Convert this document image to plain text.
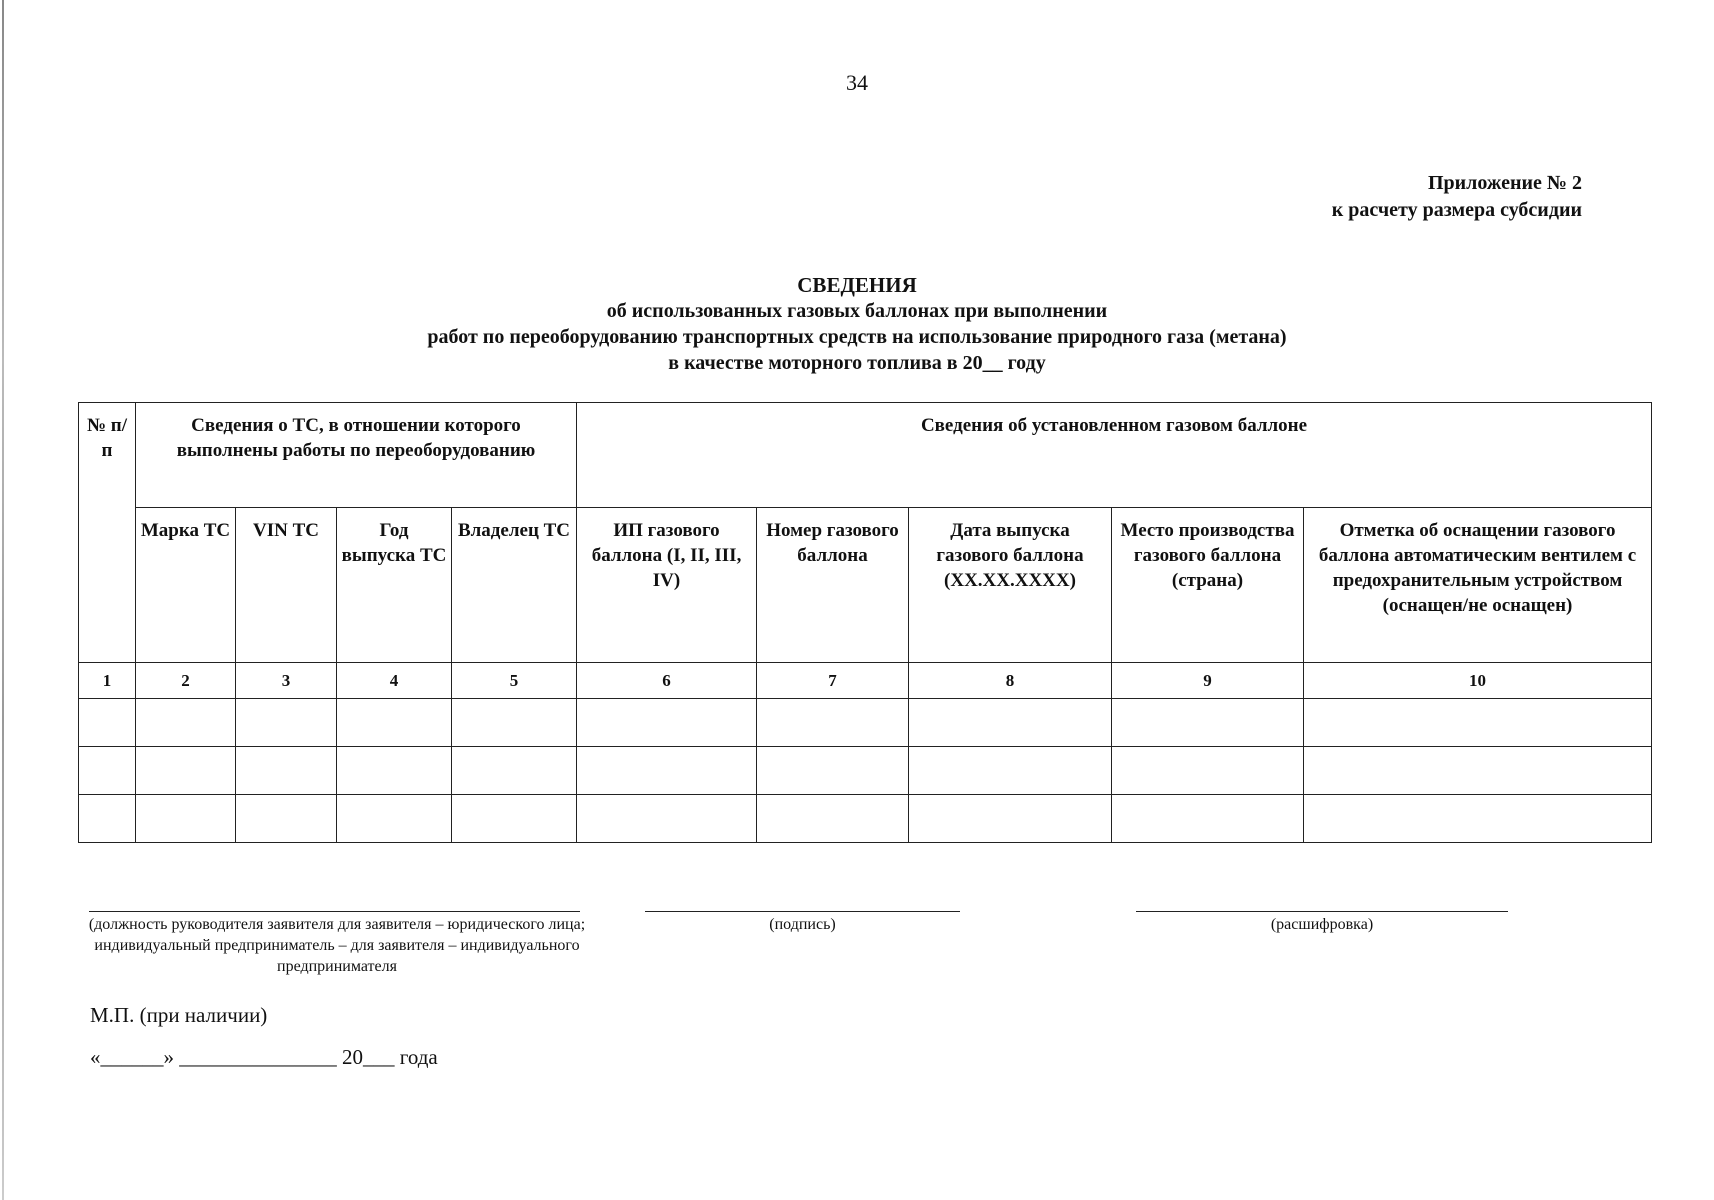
34
Приложение № 2
к расчету размера субсидии
СВЕДЕНИЯ
об использованных газовых баллонах при выполнении
работ по переоборудованию транспортных средств на использование природного газа (метана)
в качестве моторного топлива в 20__ году
№ п/п	Сведения о ТС, в отношении которого выполнены работы по переоборудованию				Сведения об установленном газовом баллоне				
	Марка ТС	VIN ТС	Год выпуска ТС	Владелец ТС	ИП газового баллона (I, II, III, IV)	Номер газового баллона	Дата выпуска газового баллона (ХХ.ХХ.ХХХХ)	Место производства газового баллона (страна)	Отметка об оснащении газового баллона автоматическим вентилем с предохранительным устройством (оснащен/не оснащен)
1	2	3	4	5	6	7	8	9	10

(должность руководителя заявителя для заявителя – юридического лица; индивидуальный предприниматель – для заявителя – индивидуального предпринимателя
(подпись)	(расшифровка)
М.П. (при наличии)
«______» _______________ 20___ года
